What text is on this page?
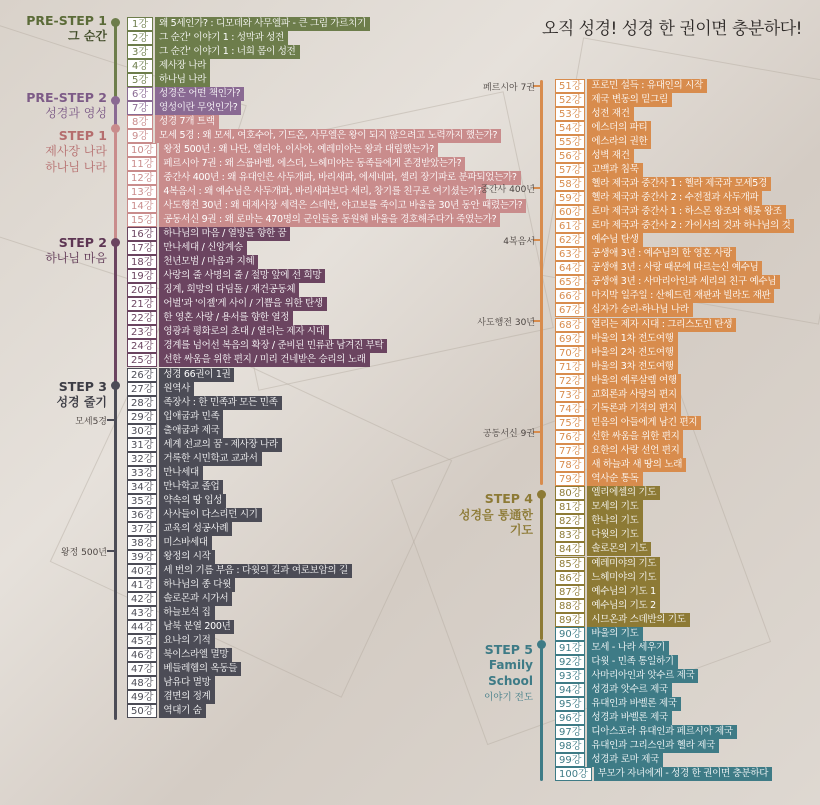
오직 성경! 성경 한 권이면 충분하다!
PRE-STEP 1
그 순간
PRE-STEP 2
성경과 영성
STEP 1
제사장 나라
하나님 나라
STEP 2
하나님 마음
STEP 3
성경 줄기
모세5경
왕정 500년
1강	왜 5세인가? : 디모데와 사무엘파 - 큰 그림 가르치기
2강	그 순간' 이야기 1 : 성막과 성전
3강	그 순간' 이야기 1 : 너희 몸이 성전
4강	제사장 나라
5강	하나님 나라
6강	성경은 어떤 책인가?
7강	영성이란 무엇인가?
8강	성경 7개 트랙
9강	모세 5경 : 왜 모세, 여호수아, 기드온, 사무엘은 왕이 되지 않으려고 노력까지 했는가?
10강	왕정 500년 : 왜 나단, 엘리야, 이사야, 예레미야는 왕과 대립했는가?
11강	페르시아 7권 : 왜 스룹바벨, 에스더, 느헤미야는 동족들에게 존경받았는가?
12강	중간사 400년 : 왜 유대인은 사두개파, 바리새파, 에세네파, 셀리 장기파로 분파되었는가?
13강	4복음서 : 왜 예수님은 사두개파, 바리새파보다 세리, 창기를 친구로 여기셨는가?
14강	사도행전 30년 : 왜 대제사장 세력은 스데반, 야고보를 죽이고 바울을 30년 동안 때렸는가?
15강	공동서신 9권 : 왜 로마는 470명의 군인들을 동원해 바울을 경호해주다가 죽였는가?
16강	하나님의 마음 / 열방을 향한 꿈
17강	만나세대 / 신앙계승
18강	천년모범 / 마음과 지혜
19강	사랑의 줄 사명의 줄 / 절망 앞에 선 희망
20강	징계, 희망의 다딤돌 / 재건공동체
21강	어벌'과 '이젤'게 사이 / 기쁨을 위한 탄생
22강	한 영혼 사랑 / 용서를 향한 열정
23강	영광과 평화로의 초대 / 열리는 제자 시대
24강	경계를 넘어선 복음의 확장 / 준비된 민류관 남겨진 부탁
25강	선한 싸움을 위한 편지 / 미리 건네받은 승리의 노래
26강	성경 66권이 1권
27강	원역사
28강	족장사 : 한 민족과 모든 민족
29강	입애굽과 민족
30강	출애굽과 제국
31강	세계 선교의 꿈 - 제사장 나라
32강	거룩한 시민학교 교과서
33강	만나세대
34강	만나학교 졸업
35강	약속의 땅 입성
36강	사사들이 다스리던 시기
37강	교육의 성공사례
38강	미스바세대
39강	왕정의 시작
40강	세 번의 기름 부음 : 다윗의 길과 여로보암의 길
41강	하나님의 종 다윗
42강	솔로몬과 시가서
43강	하늘보석 집
44강	남북 분열 200년
45강	요나의 기적
46강	북이스라엘 멸망
47강	베들레헴의 옥동들
48강	남유다 멸망
49강	겸면의 정계
50강	역대기 숨
페르시아 7권
중간사 400년
4복음서
사도행전 30년
공동서신 9권
STEP 4
성경을 통通한
기도
STEP 5
Family
School
이야기 전도
51강	포로민 설득 : 유대인의 시작
52강	제국 변동의 밑그림
53강	성전 재건
54강	에스더의 파티
55강	에스라의 권한
56강	성벽 재건
57강	고백과 침묵
58강	헬라 제국과 중간사 1 : 헬라 제국과 모세5경
59강	헬라 제국과 중간사 2 : 수전절과 사두개파
60강	로마 제국과 중간사 1 : 하스몬 왕조와 해롯 왕조
61강	로마 제국과 중간사 2 : 가이사의 것과 하나님의 것
62강	예수님 탄생
63강	공생애 3년 : 예수님의 한 영혼 사랑
64강	공생애 3년 : 사랑 때문에 따르는신 예수님
65강	공생애 3년 : 사마리아인과 세리의 친구 예수님
66강	마지막 일주일 : 산헤드린 재판과 빌라도 재판
67강	십자가 승리-하나님 나라
68강	열리는 제자 시대 : 그리스도인 탄생
69강	바울의 1차 전도여행
70강	바울의 2차 전도여행
71강	바울의 3차 전도여행
72강	바울의 예루살렘 여행
73강	교회론과 사랑의 편지
74강	기독론과 기적의 편지
75강	믿음의 아들에게 남긴 편지
76강	선한 싸움을 위한 편지
77강	요한의 사랑 선언 편지
78강	새 하늘과 새 땅의 노래
79강	역사순 통독
80강	엘리에셀의 기도
81강	모세의 기도
82강	한나의 기도
83강	다윗의 기도
84강	솔로몬의 기도
85강	예레미야의 기도
86강	느헤미야의 기도
87강	예수님의 기도 1
88강	예수님의 기도 2
89강	시므온과 스데반의 기도
90강	바울의 기도
91강	모세 - 나라 세우기
92강	다윗 - 민족 통일하기
93강	사마리아인과 앗수르 제국
94강	성경과 앗수르 제국
95강	유대인과 바벨론 제국
96강	성경과 바벨론 제국
97강	디아스포라 유대인과 페르시아 제국
98강	유대인과 그리스인과 헬라 제국
99강	성경과 로마 제국
100강	부모가 자녀에게 - 성경 한 권이면 충분하다
